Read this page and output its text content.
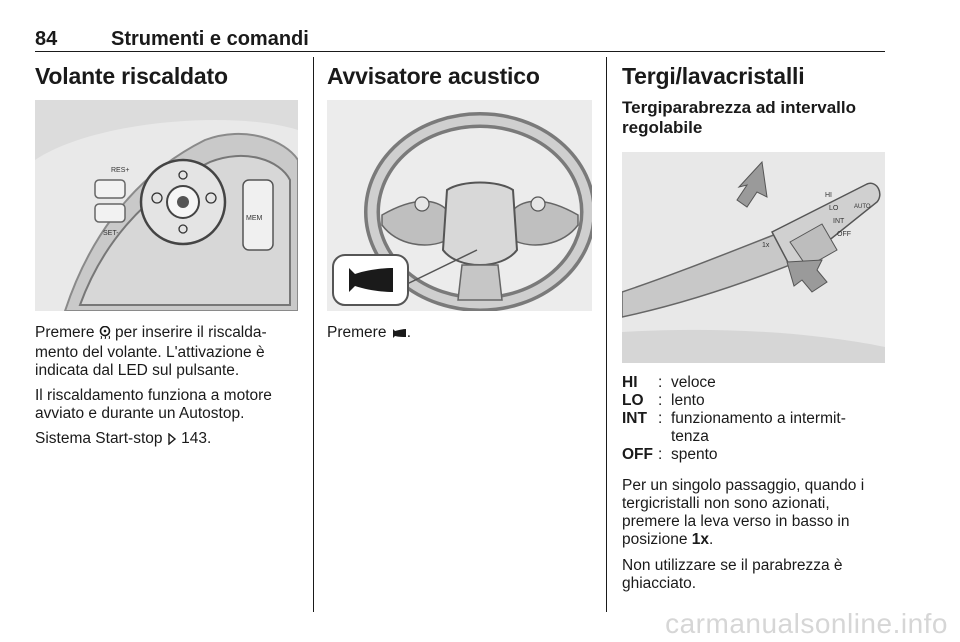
84	Strumenti e comandi
Volante riscaldato
RES+
SET-
MEM

Premere  per inserire il riscalda-
mento del volante. L'attivazione è
indicata dal LED sul pulsante.

Il riscaldamento funziona a motore
avviato e durante un Autostop.

Sistema Start-stop  143.

Avvisatore acustico

Premere .

Tergi/lavacristalli
Tergiparabrezza ad intervallo
regolabile
HI
LO
INT
OFF
1x
AUTO
HI	: veloce
LO : lento
INT : funzionamento a intermit-
tenza
OFF : spento

Per un singolo passaggio, quando i
tergicristalli non sono azionati,
premere la leva verso in basso in
posizione 1x.

Non utilizzare se il parabrezza è
ghiacciato.

carmanualsonline.info
